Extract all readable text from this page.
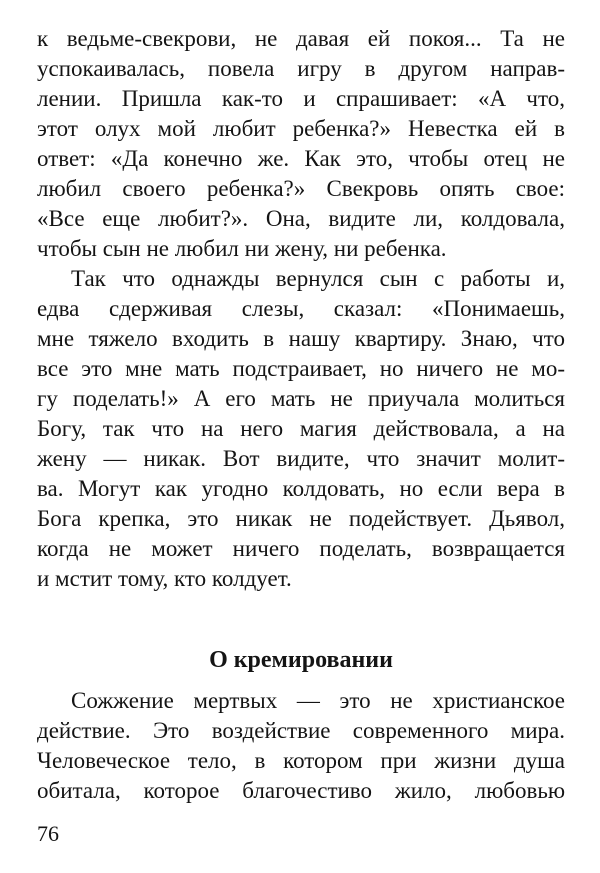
к ведьме-свекрови, не давая ей покоя... Та не
успокаивалась, повела игру в другом направ-
лении. Пришла как-то и спрашивает: «А что,
этот олух мой любит ребенка?» Невестка ей в
ответ: «Да конечно же. Как это, чтобы отец не
любил своего ребенка?» Свекровь опять свое:
«Все еще любит?». Она, видите ли, колдовала,
чтобы сын не любил ни жену, ни ребенка.
Так что однажды вернулся сын с работы и,
едва сдерживая слезы, сказал: «Понимаешь,
мне тяжело входить в нашу квартиру. Знаю, что
все это мне мать подстраивает, но ничего не мо-
гу поделать!» А его мать не приучала молиться
Богу, так что на него магия действовала, а на
жену — никак. Вот видите, что значит молит-
ва. Могут как угодно колдовать, но если вера в
Бога крепка, это никак не подействует. Дьявол,
когда не может ничего поделать, возвращается
и мстит тому, кто колдует.
О кремировании
Сожжение мертвых — это не христианское
действие. Это воздействие современного мира.
Человеческое тело, в котором при жизни душа
обитала, которое благочестиво жило, любовью
76
